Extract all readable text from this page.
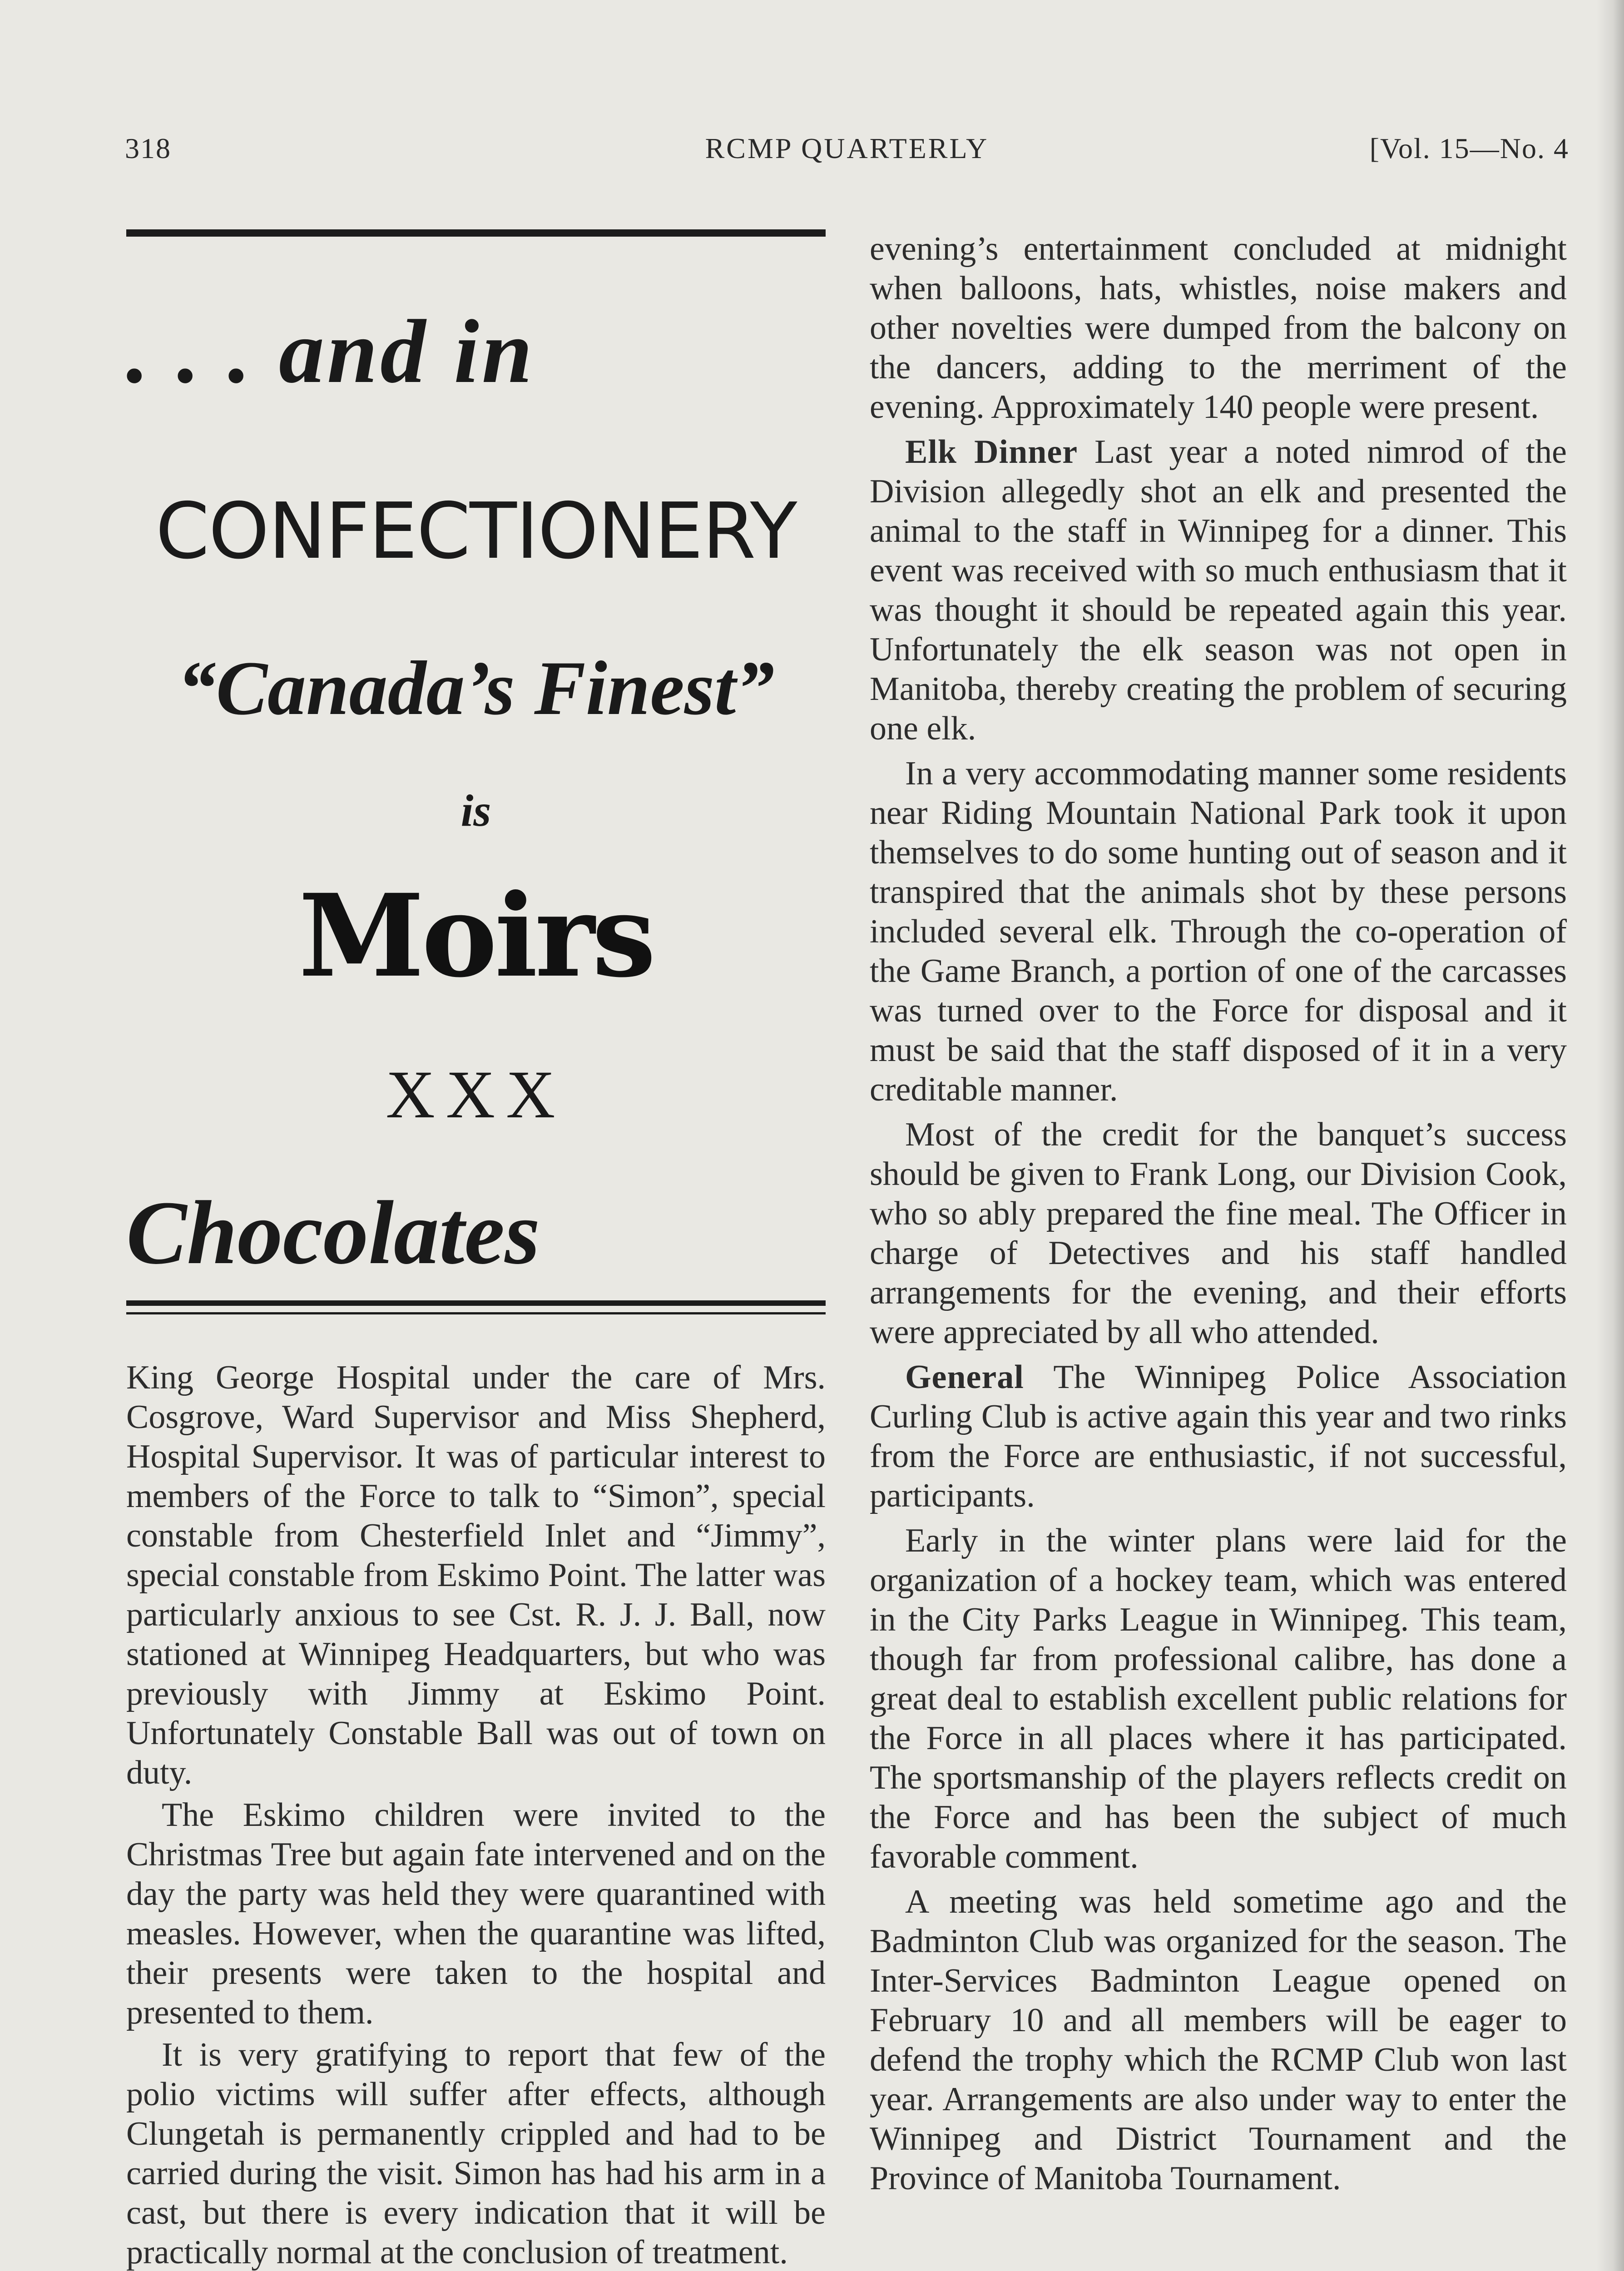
318	RCMP QUARTERLY	[Vol. 15—No. 4
. . . and in
CONFECTIONERY
“Canada’s Finest”
is
Moirs
XXX
Chocolates

King George Hospital under the care of Mrs. Cosgrove, Ward Supervisor and Miss Shepherd, Hospital Supervisor. It was of particular interest to members of the Force to talk to “Simon”, special constable from Chesterfield Inlet and “Jimmy”, special constable from Eskimo Point. The latter was particularly anxious to see Cst. R. J. J. Ball, now stationed at Winnipeg Headquarters, but who was previously with Jimmy at Eskimo Point. Unfortunately Constable Ball was out of town on duty.

The Eskimo children were invited to the Christmas Tree but again fate intervened and on the day the party was held they were quarantined with measles. However, when the quarantine was lifted, their presents were taken to the hospital and presented to them.

It is very gratifying to report that few of the polio victims will suffer after effects, although Clungetah is permanently crippled and had to be carried during the visit. Simon has had his arm in a cast, but there is every indication that it will be practically normal at the conclusion of treatment.

evening’s entertainment concluded at midnight when balloons, hats, whistles, noise makers and other novelties were dumped from the balcony on the dancers, adding to the merriment of the evening. Approximately 140 people were present.

Elk Dinner Last year a noted nimrod of the Division allegedly shot an elk and presented the animal to the staff in Winnipeg for a dinner. This event was received with so much enthusiasm that it was thought it should be repeated again this year. Unfortunately the elk season was not open in Manitoba, thereby creating the problem of securing one elk.

In a very accommodating manner some residents near Riding Mountain National Park took it upon themselves to do some hunting out of season and it transpired that the animals shot by these persons included several elk. Through the co-operation of the Game Branch, a portion of one of the carcasses was turned over to the Force for disposal and it must be said that the staff disposed of it in a very creditable manner.

Most of the credit for the banquet’s success should be given to Frank Long, our Division Cook, who so ably prepared the fine meal. The Officer in charge of Detectives and his staff handled arrangements for the evening, and their efforts were appreciated by all who attended.

General The Winnipeg Police Association Curling Club is active again this year and two rinks from the Force are enthusiastic, if not successful, participants.

Early in the winter plans were laid for the organization of a hockey team, which was entered in the City Parks League in Winnipeg. This team, though far from professional calibre, has done a great deal to establish excellent public relations for the Force in all places where it has participated. The sportsmanship of the players reflects credit on the Force and has been the subject of much favorable comment.

A meeting was held sometime ago and the Badminton Club was organized for the season. The Inter-Services Badminton League opened on February 10 and all members will be eager to defend the trophy which the RCMP Club won last year. Arrangements are also under way to enter the Winnipeg and District Tournament and the Province of Manitoba Tournament.
